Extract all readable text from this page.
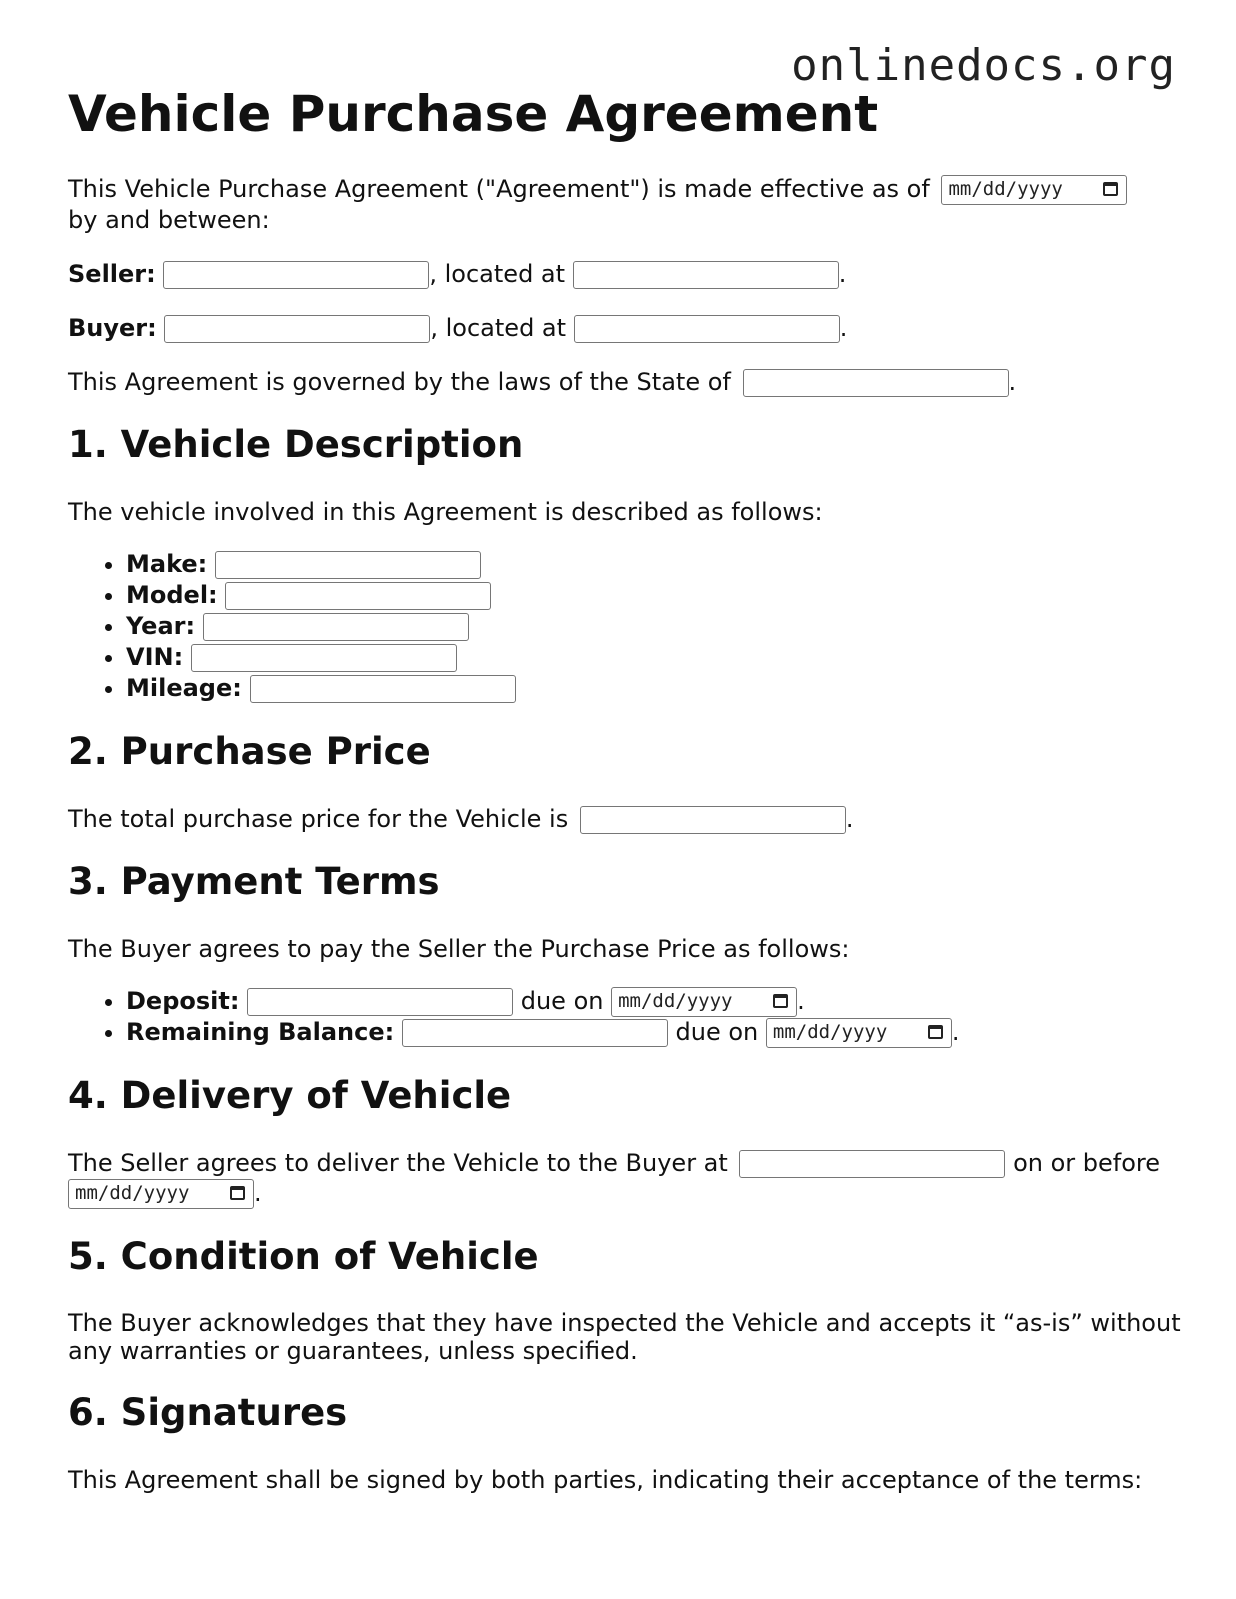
onlinedocs.org
Vehicle Purchase Agreement

This Vehicle Purchase Agreement ("Agreement") is made effective as of mm/dd/yyyy

by and between:

Seller:	, located at	.

Buyer:	, located at	.

This Agreement is governed by the laws of the State of	.

1. Vehicle Description

The vehicle involved in this Agreement is described as follows:

• Make:
• Model:
• Year:
• VIN:
• Mileage:
2. Purchase Price

The total purchase price for the Vehicle is	.

3. Payment Terms

The Buyer agrees to pay the Seller the Purchase Price as follows:

• Deposit:	due on mm/dd/yyyy	.
• Remaining Balance:	due on mm/dd/yyyy	.
4. Delivery of Vehicle

The Seller agrees to deliver the Vehicle to the Buyer at	on or before mm/dd/yyyy	.

5. Condition of Vehicle

The Buyer acknowledges that they have inspected the Vehicle and accepts it “as-is” without any warranties or guarantees, unless specified.

6. Signatures

This Agreement shall be signed by both parties, indicating their acceptance of the terms:
